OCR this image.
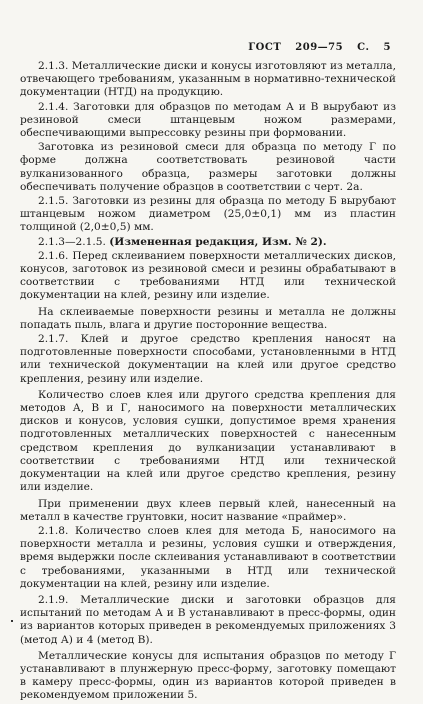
ГОСТ 209—75 С. 5

2.1.3. Металлические диски и конусы изготовляют из металла, отвечающего требованиям, указанным в нормативно-технической документации (НТД) на продукцию.

2.1.4. Заготовки для образцов по методам А и В вырубают из резиновой смеси штанцевым ножом размерами, обеспечивающими выпрессовку резины при формовании.

Заготовка из резиновой смеси для образца по методу Г по форме должна соответствовать резиновой части вулканизованного образца, размеры заготовки должны обеспечивать получение образцов в соответствии с черт. 2а.

2.1.5. Заготовки из резины для образца по методу Б вырубают штанцевым ножом диаметром (25,0±0,1) мм из пластин толщиной (2,0±0,5) мм.

2.1.3—2.1.5. (Измененная редакция, Изм. № 2).

2.1.6. Перед склеиванием поверхности металлических дисков, конусов, заготовок из резиновой смеси и резины обрабатывают в соответствии с требованиями НТД или технической документации на клей, резину или изделие.

На склеиваемые поверхности резины и металла не должны попадать пыль, влага и другие посторонние вещества.

2.1.7. Клей и другое средство крепления наносят на подготовленные поверхности способами, установленными в НТД или технической документации на клей или другое средство крепления, резину или изделие.

Количество слоев клея или другого средства крепления для методов А, В и Г, наносимого на поверхности металлических дисков и конусов, условия сушки, допустимое время хранения подготовленных металлических поверхностей с нанесенным средством крепления до вулканизации устанавливают в соответствии с требованиями НТД или технической документации на клей или другое средство крепления, резину или изделие.

При применении двух клеев первый клей, нанесенный на металл в качестве грунтовки, носит название «праймер».

2.1.8. Количество слоев клея для метода Б, наносимого на поверхности металла и резины, условия сушки и отверждения, время выдержки после склеивания устанавливают в соответствии с требованиями, указанными в НТД или технической документации на клей, резину или изделие.

2.1.9. Металлические диски и заготовки образцов для испытаний по методам А и В устанавливают в пресс-формы, один из вариантов которых приведен в рекомендуемых приложениях 3 (метод А) и 4 (метод В).

Металлические конусы для испытания образцов по методу Г устанавливают в плунжерную пресс-форму, заготовку помещают в камеру пресс-формы, один из вариантов которой приведен в рекомендуемом приложении 5.
